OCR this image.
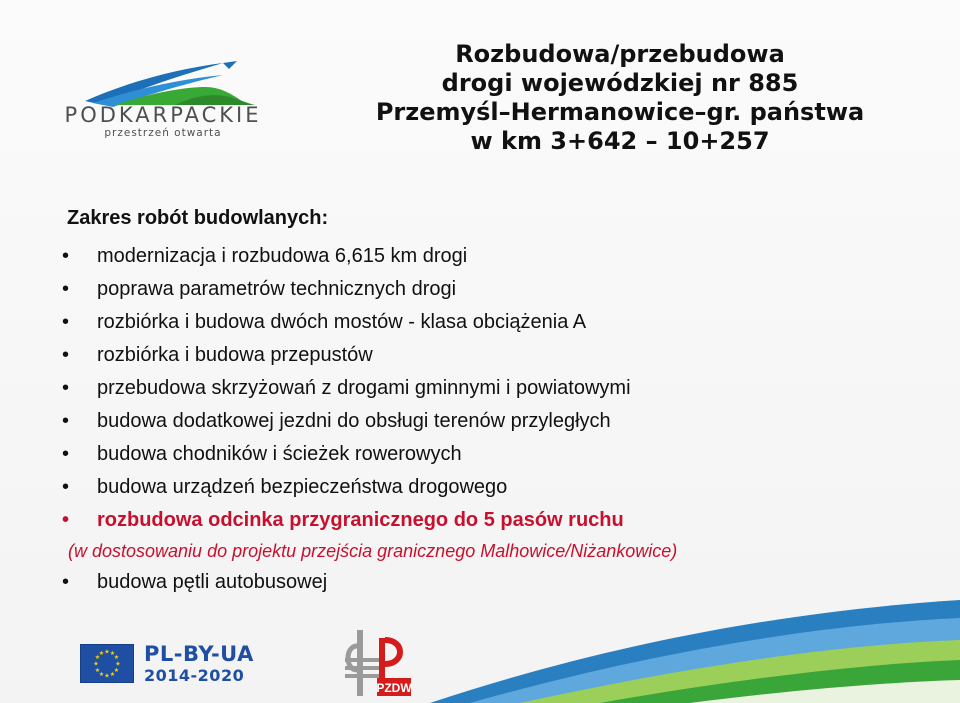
PODKARPACKIE
przestrzeń otwarta
Rozbudowa/przebudowa
drogi wojewódzkiej nr 885
Przemyśl–Hermanowice–gr. państwa
w km 3+642 – 10+257
Zakres robót budowlanych:
• modernizacja i rozbudowa 6,615 km drogi
• poprawa parametrów technicznych drogi
• rozbiórka i budowa dwóch mostów - klasa obciążenia A
• rozbiórka i budowa przepustów
• przebudowa skrzyżowań z drogami gminnymi i powiatowymi
• budowa dodatkowej jezdni do obsługi terenów przyległych
• budowa chodników i ścieżek rowerowych
• budowa urządzeń bezpieczeństwa drogowego
• rozbudowa odcinka przygranicznego do 5 pasów ruchu
(w dostosowaniu do projektu przejścia granicznego Malhowice/Niżankowice)
• budowa pętli autobusowej
★ ★
★
★
★
★
★
★
★
★
★
★ PL-BY-UA
2014-2020
PZDW
